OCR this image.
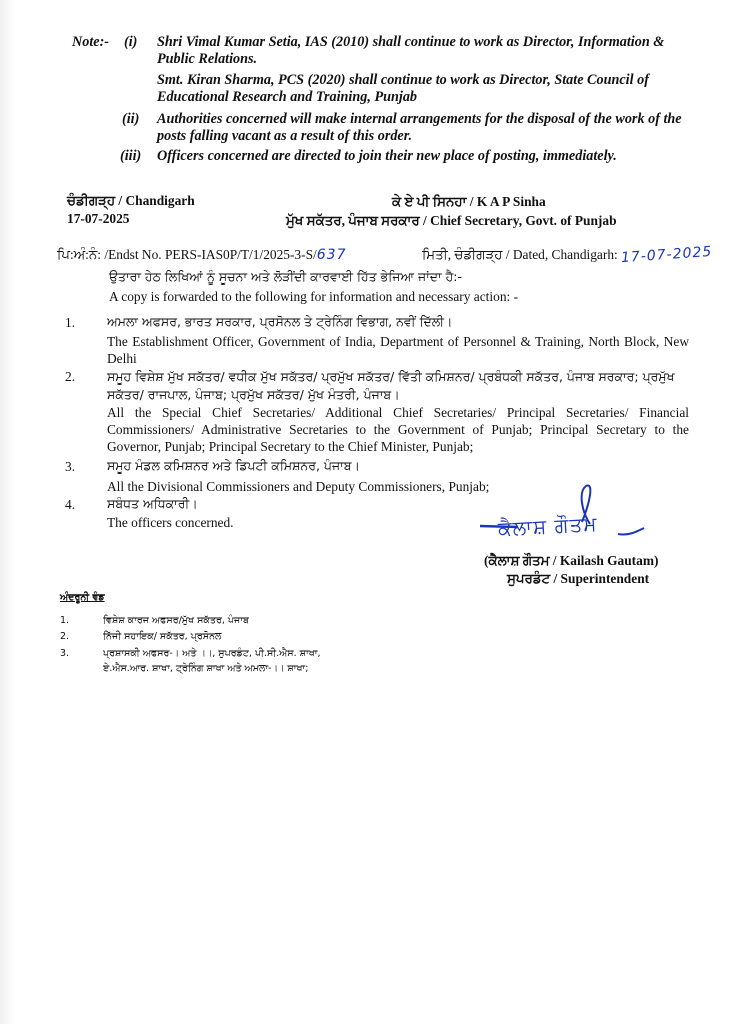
Note:- (i)	Shri Vimal Kumar Setia, IAS (2010) shall continue to work as Director, Information & Public Relations.
Smt. Kiran Sharma, PCS (2020) shall continue to work as Director, State Council of Educational Research and Training, Punjab
(ii)	Authorities concerned will make internal arrangements for the disposal of the work of the posts falling vacant as a result of this order.
(iii)	Officers concerned are directed to join their new place of posting, immediately.
ਚੰਡੀਗੜ੍ਹ / Chandigarh
17-07-2025
ਕੇ ਏ ਪੀ ਸਿਨਹਾ / K A P Sinha
ਮੁੱਖ ਸਕੱਤਰ, ਪੰਜਾਬ ਸਰਕਾਰ / Chief Secretary, Govt. of Punjab
ਪਿ:ਅੰ:ਨੰ: /Endst No. PERS-IAS0P/T/1/2025-3-S/637	ਮਿਤੀ, ਚੰਡੀਗੜ੍ਹ / Dated, Chandigarh: 17-07-2025
ਉਤਾਰਾ ਹੇਠ ਲਿਖਿਆਂ ਨੂੰ ਸੂਚਨਾ ਅਤੇ ਲੋੜੀਂਦੀ ਕਾਰਵਾਈ ਹਿੱਤ ਭੇਜਿਆ ਜਾਂਦਾ ਹੈ:-
A copy is forwarded to the following for information and necessary action: -
1.	ਅਮਲਾ ਅਫਸਰ, ਭਾਰਤ ਸਰਕਾਰ, ਪ੍ਰਸੋਨਲ ਤੇ ਟ੍ਰੇਨਿੰਗ ਵਿਭਾਗ, ਨਵੀਂ ਦਿੱਲੀ।
The Establishment Officer, Government of India, Department of Personnel & Training, North Block, New Delhi
2.	ਸਮੂਹ ਵਿਸ਼ੇਸ਼ ਮੁੱਖ ਸਕੱਤਰ/ ਵਧੀਕ ਮੁੱਖ ਸਕੱਤਰ/ ਪ੍ਰਮੁੱਖ ਸਕੱਤਰ/ ਵਿੱਤੀ ਕਮਿਸ਼ਨਰ/ ਪ੍ਰਬੰਧਕੀ ਸਕੱਤਰ, ਪੰਜਾਬ ਸਰਕਾਰ; ਪ੍ਰਮੁੱਖ ਸਕੱਤਰ/ ਰਾਜਪਾਲ, ਪੰਜਾਬ; ਪ੍ਰਮੁੱਖ ਸਕੱਤਰ/ ਮੁੱਖ ਮੰਤਰੀ, ਪੰਜਾਬ।
All the Special Chief Secretaries/ Additional Chief Secretaries/ Principal Secretaries/ Financial Commissioners/ Administrative Secretaries to the Government of Punjab; Principal Secretary to the Governor, Punjab; Principal Secretary to the Chief Minister, Punjab;
3.	ਸਮੂਹ ਮੰਡਲ ਕਮਿਸ਼ਨਰ ਅਤੇ ਡਿਪਟੀ ਕਮਿਸ਼ਨਰ, ਪੰਜਾਬ।
All the Divisional Commissioners and Deputy Commissioners, Punjab;
4.	ਸਬੰਧਤ ਅਧਿਕਾਰੀ।
The officers concerned.	ਕੈਲਾਸ਼ ਗੌਤਮ
(ਕੈਲਾਸ਼ ਗੌਤਮ / Kailash Gautam)
ਸੁਪਰਡੰਟ / Superintendent
ਅੰਦਰੂਨੀ ਵੰਡ
1.	ਵਿਸ਼ੇਸ਼ ਕਾਰਜ ਅਫਸਰ/ਮੁੱਖ ਸਕੱਤਰ, ਪੰਜਾਬ
2.	ਨਿੱਜੀ ਸਹਾਇਕ/ ਸਕੱਤਰ, ਪ੍ਰਸੋਨਲ
3.	ਪ੍ਰਸ਼ਾਸਕੀ ਅਫਸਰ-। ਅਤੇ ।।, ਸੁਪਰਡੰਟ, ਪੀ.ਸੀ.ਐਸ. ਸ਼ਾਖਾ,
ਏ.ਐਸ.ਆਰ. ਸ਼ਾਖਾ, ਟ੍ਰੇਨਿੰਗ ਸ਼ਾਖਾ ਅਤੇ ਅਮਲਾ-।। ਸ਼ਾਖਾ;
